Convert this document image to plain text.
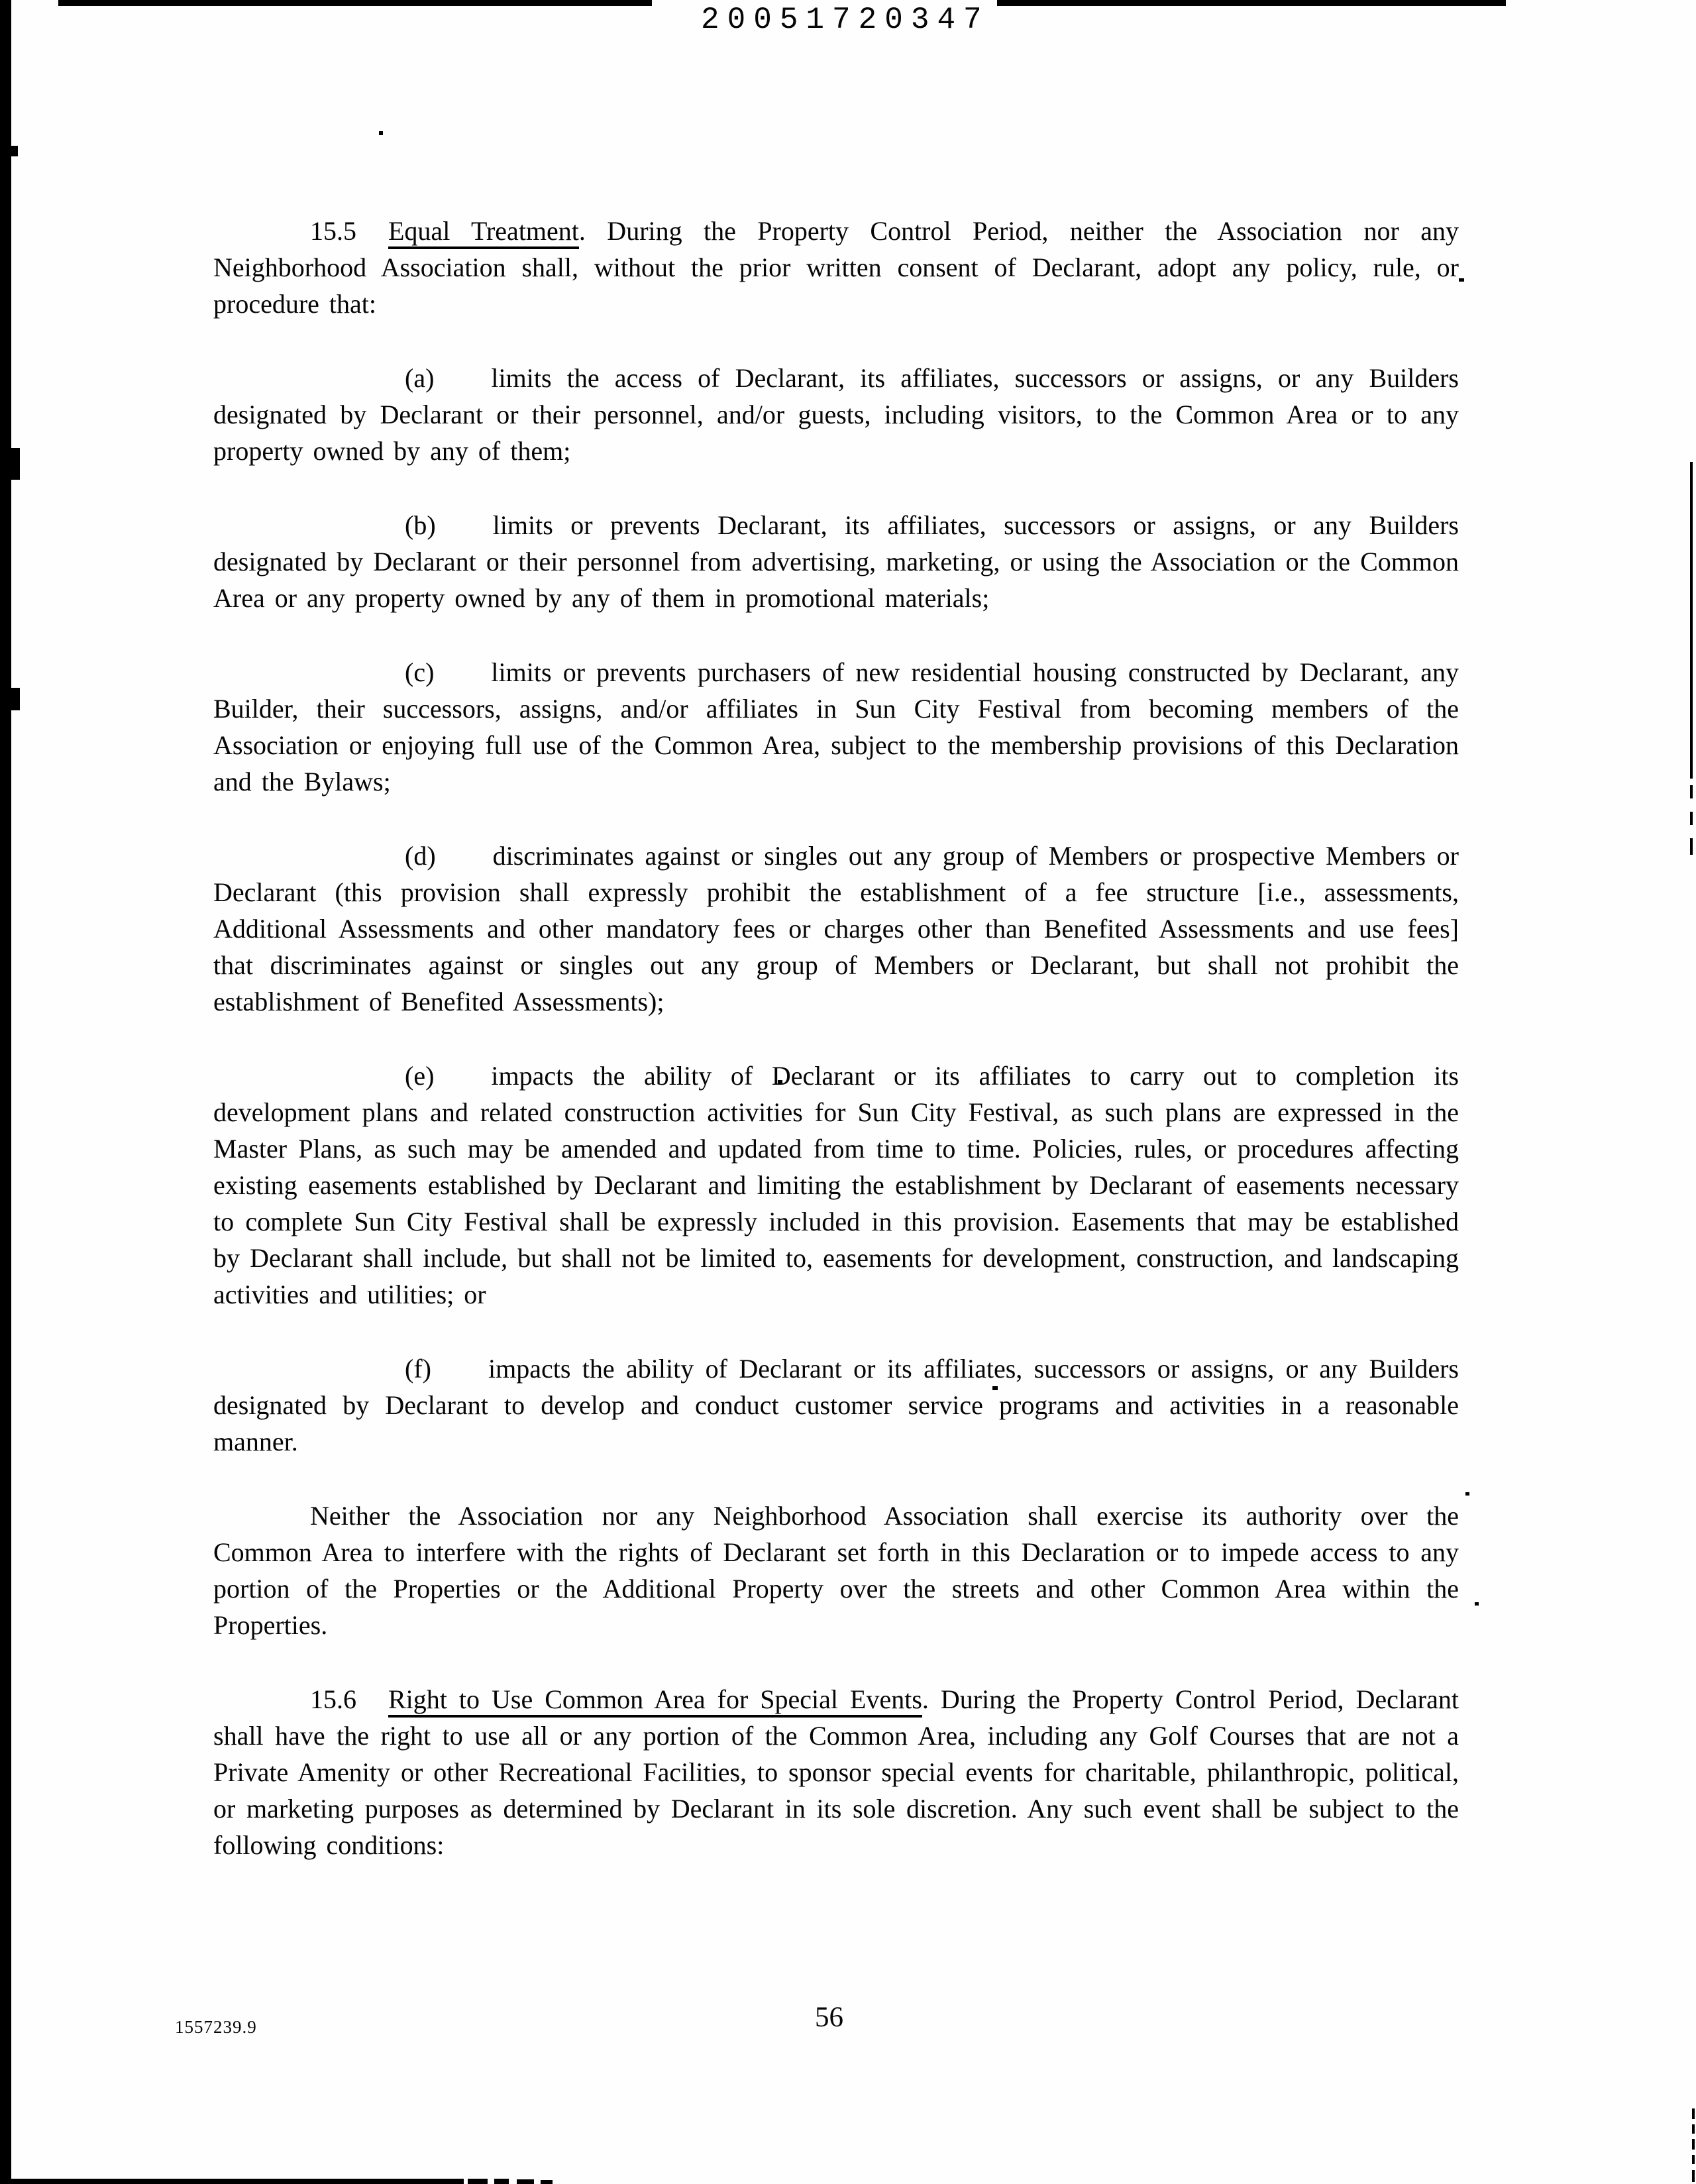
20051720347

15.5 Equal Treatment. During the Property Control Period, neither the Association nor any Neighborhood Association shall, without the prior written consent of Declarant, adopt any policy, rule, or procedure that:

(a) limits the access of Declarant, its affiliates, successors or assigns, or any Builders designated by Declarant or their personnel, and/or guests, including visitors, to the Common Area or to any property owned by any of them;

(b) limits or prevents Declarant, its affiliates, successors or assigns, or any Builders designated by Declarant or their personnel from advertising, marketing, or using the Association or the Common Area or any property owned by any of them in promotional materials;

(c) limits or prevents purchasers of new residential housing constructed by Declarant, any Builder, their successors, assigns, and/or affiliates in Sun City Festival from becoming members of the Association or enjoying full use of the Common Area, subject to the membership provisions of this Declaration and the Bylaws;

(d) discriminates against or singles out any group of Members or prospective Members or Declarant (this provision shall expressly prohibit the establishment of a fee structure [i.e., assessments, Additional Assessments and other mandatory fees or charges other than Benefited Assessments and use fees] that discriminates against or singles out any group of Members or Declarant, but shall not prohibit the establishment of Benefited Assessments);

(e) impacts the ability of Declarant or its affiliates to carry out to completion its development plans and related construction activities for Sun City Festival, as such plans are expressed in the Master Plans, as such may be amended and updated from time to time. Policies, rules, or procedures affecting existing easements established by Declarant and limiting the establishment by Declarant of easements necessary to complete Sun City Festival shall be expressly included in this provision. Easements that may be established by Declarant shall include, but shall not be limited to, easements for development, construction, and landscaping activities and utilities; or

(f) impacts the ability of Declarant or its affiliates, successors or assigns, or any Builders designated by Declarant to develop and conduct customer service programs and activities in a reasonable manner.

Neither the Association nor any Neighborhood Association shall exercise its authority over the Common Area to interfere with the rights of Declarant set forth in this Declaration or to impede access to any portion of the Properties or the Additional Property over the streets and other Common Area within the Properties.

15.6 Right to Use Common Area for Special Events. During the Property Control Period, Declarant shall have the right to use all or any portion of the Common Area, including any Golf Courses that are not a Private Amenity or other Recreational Facilities, to sponsor special events for charitable, philanthropic, political, or marketing purposes as determined by Declarant in its sole discretion. Any such event shall be subject to the following conditions:

1557239.9	56
